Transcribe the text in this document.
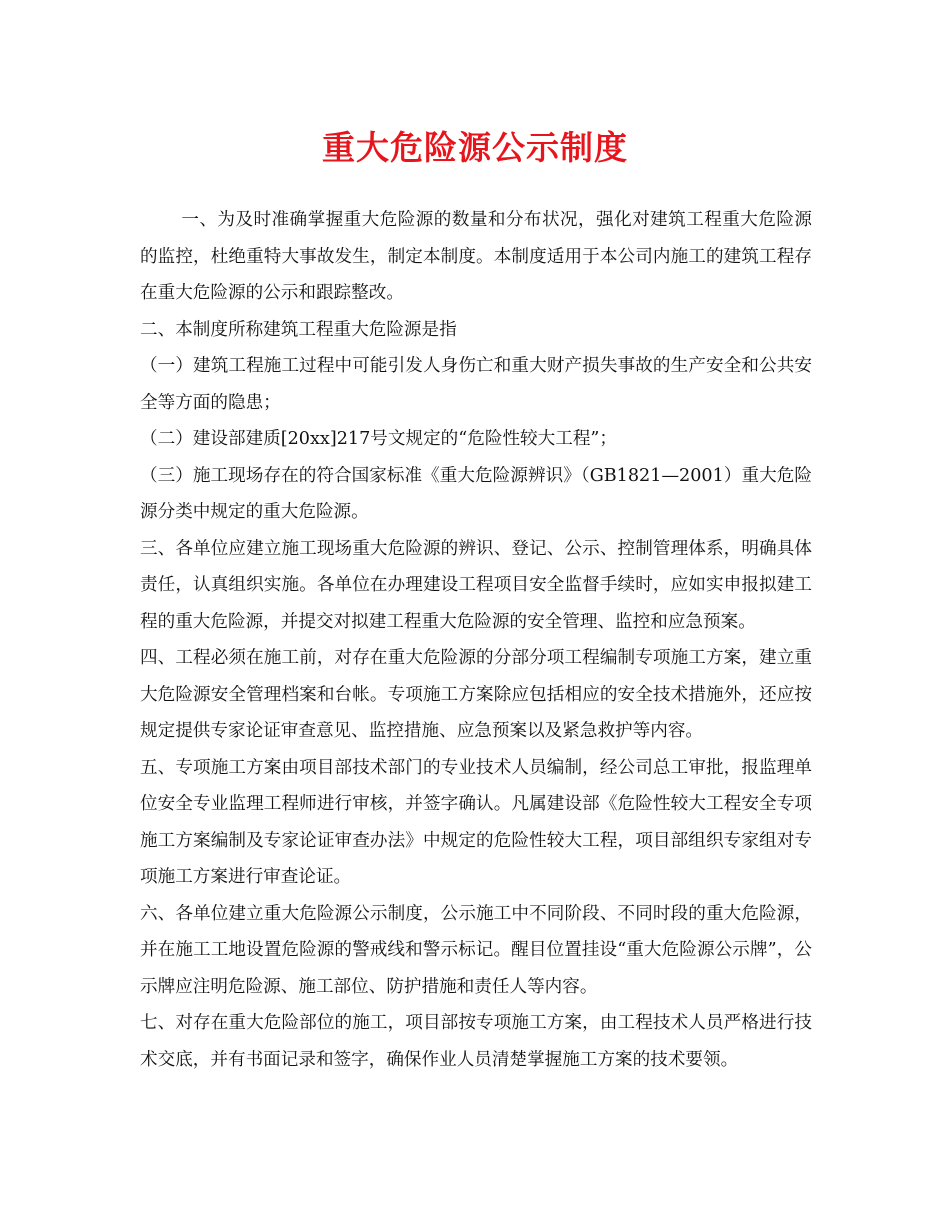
重大危险源公示制度

一、为及时准确掌握重大危险源的数量和分布状况，强化对建筑工程重大危险源的监控，杜绝重特大事故发生，制定本制度。本制度适用于本公司内施工的建筑工程存在重大危险源的公示和跟踪整改。

二、本制度所称建筑工程重大危险源是指

（一）建筑工程施工过程中可能引发人身伤亡和重大财产损失事故的生产安全和公共安全等方面的隐患；

（二）建设部建质[20xx]217号文规定的“危险性较大工程”；

（三）施工现场存在的符合国家标准《重大危险源辨识》（GB1821—2001）重大危险源分类中规定的重大危险源。

三、各单位应建立施工现场重大危险源的辨识、登记、公示、控制管理体系，明确具体责任，认真组织实施。各单位在办理建设工程项目安全监督手续时，应如实申报拟建工程的重大危险源，并提交对拟建工程重大危险源的安全管理、监控和应急预案。

四、工程必须在施工前，对存在重大危险源的分部分项工程编制专项施工方案，建立重大危险源安全管理档案和台帐。专项施工方案除应包括相应的安全技术措施外，还应按规定提供专家论证审查意见、监控措施、应急预案以及紧急救护等内容。

五、专项施工方案由项目部技术部门的专业技术人员编制，经公司总工审批，报监理单位安全专业监理工程师进行审核，并签字确认。凡属建设部《危险性较大工程安全专项施工方案编制及专家论证审查办法》中规定的危险性较大工程，项目部组织专家组对专项施工方案进行审查论证。

六、各单位建立重大危险源公示制度，公示施工中不同阶段、不同时段的重大危险源，并在施工工地设置危险源的警戒线和警示标记。醒目位置挂设“重大危险源公示牌”，公示牌应注明危险源、施工部位、防护措施和责任人等内容。

七、对存在重大危险部位的施工，项目部按专项施工方案，由工程技术人员严格进行技术交底，并有书面记录和签字，确保作业人员清楚掌握施工方案的技术要领。
